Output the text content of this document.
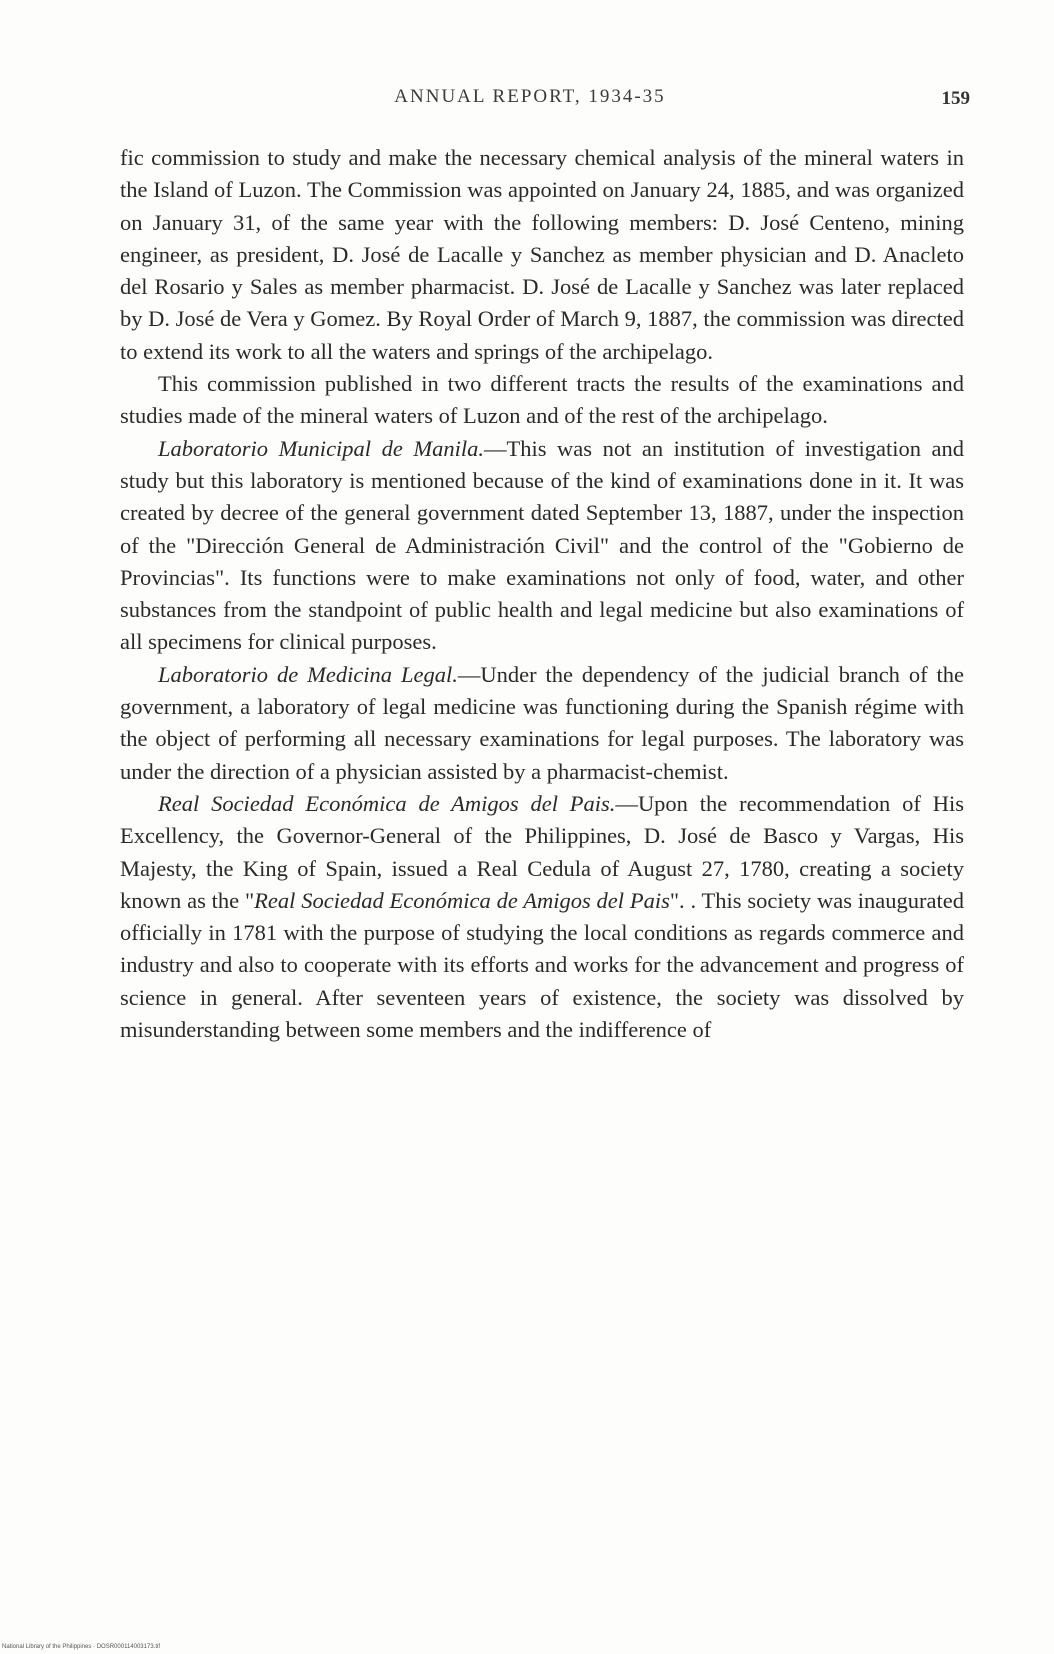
ANNUAL REPORT, 1934-35	159

fic commission to study and make the necessary chemical analysis of the mineral waters in the Island of Luzon. The Commission was appointed on January 24, 1885, and was organized on January 31, of the same year with the following members: D. José Centeno, mining engineer, as president, D. José de Lacalle y Sanchez as member physician and D. Anacleto del Rosario y Sales as member pharmacist. D. José de Lacalle y Sanchez was later replaced by D. José de Vera y Gomez. By Royal Order of March 9, 1887, the commission was directed to extend its work to all the waters and springs of the archipelago.

This commission published in two different tracts the results of the examinations and studies made of the mineral waters of Luzon and of the rest of the archipelago.

Laboratorio Municipal de Manila.—This was not an institution of investigation and study but this laboratory is mentioned because of the kind of examinations done in it. It was created by decree of the general government dated September 13, 1887, under the inspection of the "Dirección General de Administración Civil" and the control of the "Gobierno de Provincias". Its functions were to make examinations not only of food, water, and other substances from the standpoint of public health and legal medicine but also examinations of all specimens for clinical purposes.

Laboratorio de Medicina Legal.—Under the dependency of the judicial branch of the government, a laboratory of legal medicine was functioning during the Spanish régime with the object of performing all necessary examinations for legal purposes. The laboratory was under the direction of a physician assisted by a pharmacist-chemist.

Real Sociedad Económica de Amigos del Pais.—Upon the recommendation of His Excellency, the Governor-General of the Philippines, D. José de Basco y Vargas, His Majesty, the King of Spain, issued a Real Cedula of August 27, 1780, creating a society known as the "Real Sociedad Económica de Amigos del Pais". . This society was inaugurated officially in 1781 with the purpose of studying the local conditions as regards commerce and industry and also to cooperate with its efforts and works for the advancement and progress of science in general. After seventeen years of existence, the society was dissolved by misunderstanding between some members and the indifference of

National Library of the Philippines · DOSR000114003173.tif
